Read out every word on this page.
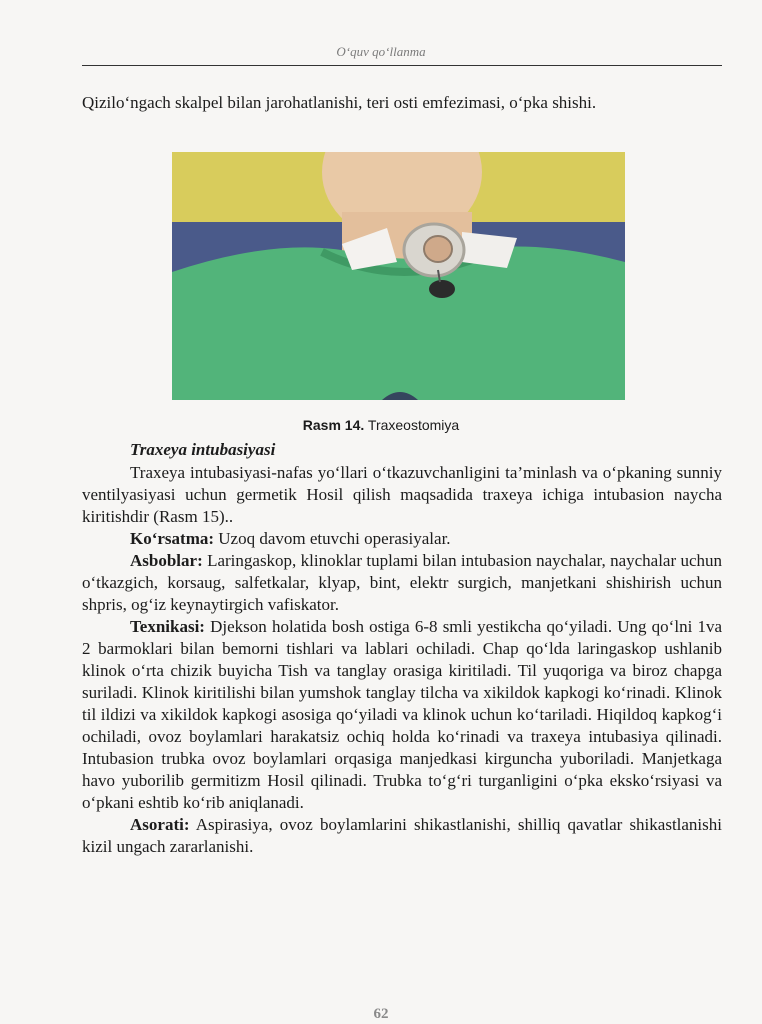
O‘quv qo‘llanma

Qizilo‘ngach skalpel bilan jarohatlanishi, teri osti emfezimasi, o‘pka shishi.

Rasm 14. Traxeostomiya
Traxeya intubasiyasi

Traxeya intubasiyasi-nafas yo‘llari o‘tkazuvchanligini ta’minlash va o‘pkaning sunniy ventilyasiyasi uchun germetik Hosil qilish maqsadida traxeya ichiga intubasion naycha kiritishdir (Rasm 15)..

Ko‘rsatma: Uzoq davom etuvchi operasiyalar.

Asboblar: Laringaskop, klinoklar tuplami bilan intubasion naychalar, naychalar uchun o‘tkazgich, korsaug, salfetkalar, klyap, bint, elektr surgich, manjetkani shishirish uchun shpris, og‘iz keynaytirgich vafiskator.

Texnikasi: Djekson holatida bosh ostiga 6-8 smli yestikcha qo‘yiladi. Ung qo‘lni 1va 2 barmoklari bilan bemorni tishlari va lablari ochiladi. Chap qo‘lda laringaskop ushlanib klinok o‘rta chizik buyicha Tish va tanglay orasiga kiritiladi. Til yuqoriga va biroz chapga suriladi. Klinok kiritilishi bilan yumshok tanglay tilcha va xikildok kapkogi ko‘rinadi. Klinok til ildizi va xikildok kapkogi asosiga qo‘yiladi va klinok uchun ko‘tariladi. Hiqildoq kapkog‘i ochiladi, ovoz boylamlari harakatsiz ochiq holda ko‘rinadi va traxeya intubasiya qilinadi. Intubasion trubka ovoz boylamlari orqasiga manjedkasi kirguncha yuboriladi. Manjetkaga havo yuborilib germitizm Hosil qilinadi. Trubka to‘g‘ri turganligini o‘pka eksko‘rsiyasi va o‘pkani eshtib ko‘rib aniqlanadi.

Asorati: Aspirasiya, ovoz boylamlarini shikastlanishi, shilliq qavatlar shikastlanishi kizil ungach zararlanishi.

62
